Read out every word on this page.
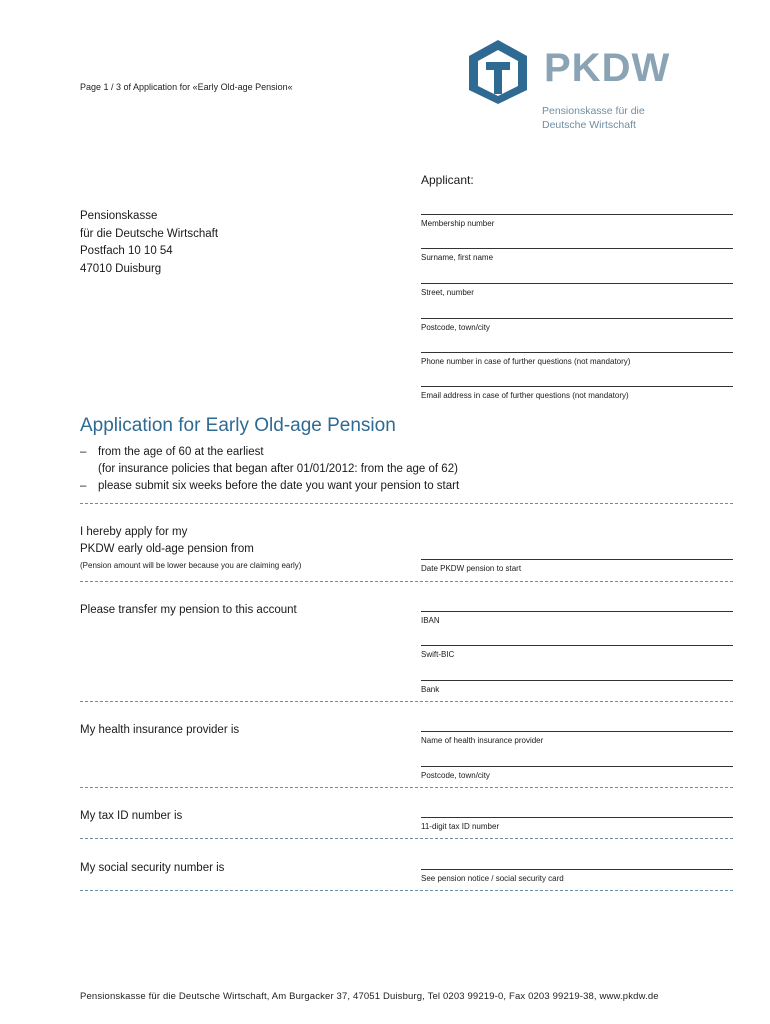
Page 1 / 3 of Application for «Early Old-age Pension«	PKDW
Pensionskasse für die
Deutsche Wirtschaft
Applicant:
Membership number
Surname, first name
Street, number
Postcode, town/city
Phone number in case of further questions (not mandatory)
Email address in case of further questions (not mandatory)
Pensionskasse
für die Deutsche Wirtschaft
Postfach 10 10 54
47010 Duisburg
Application for Early Old-age Pension
–	from the age of 60 at the earliest
(for insurance policies that began after 01/01/2012: from the age of 62)
–	please submit six weeks before the date you want your pension to start
I hereby apply for my
PKDW early old-age pension from
(Pension amount will be lower because you are claiming early)	Date PKDW pension to start
Please transfer my pension to this account
IBAN
Swift-BIC
Bank
My health insurance provider is
Name of health insurance provider
Postcode, town/city
My tax ID number is
11-digit tax ID number
My social security number is
See pension notice / social security card
Pensionskasse für die Deutsche Wirtschaft, Am Burgacker 37, 47051 Duisburg, Tel 0203 99219-0, Fax 0203 99219-38, www.pkdw.de
